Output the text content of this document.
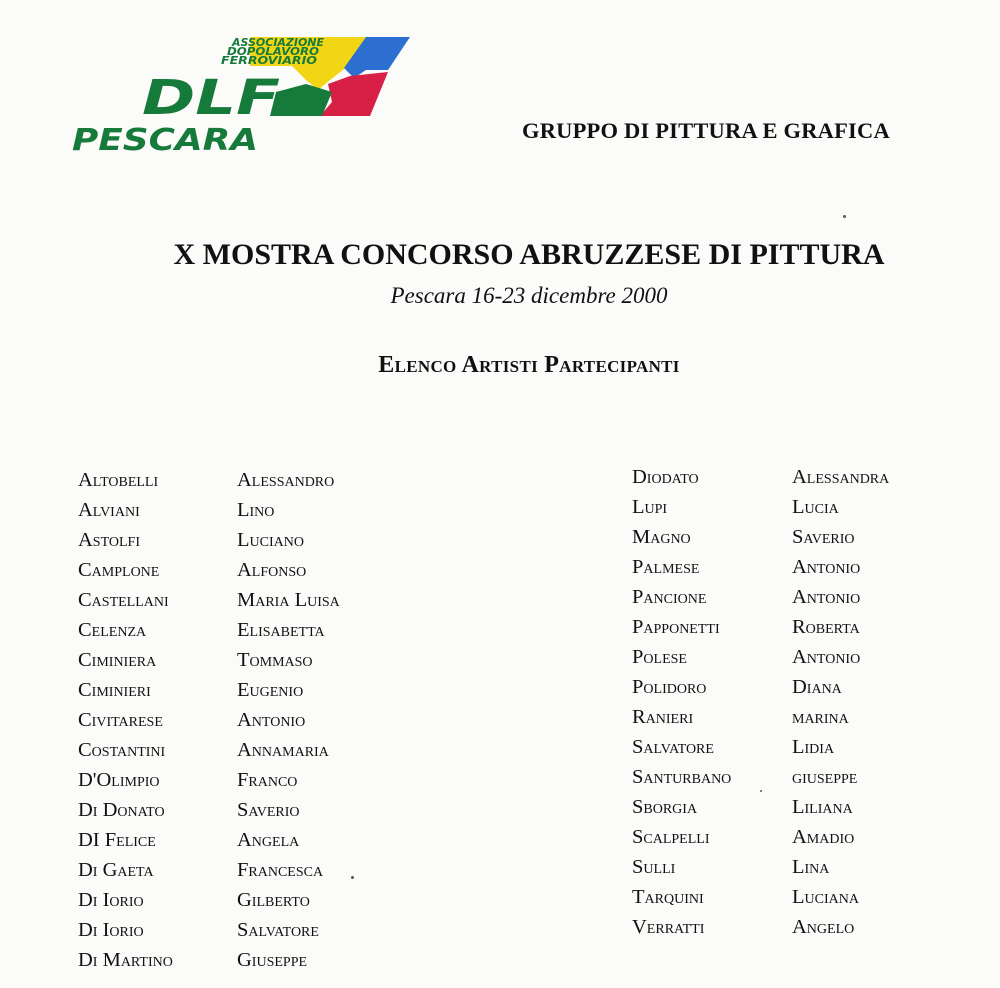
ASSOCIAZIONE
DOPOLAVORO
FERROVIARIO
DLF
PESCARA	GRUPPO DI PITTURA E GRAFICA
X MOSTRA CONCORSO ABRUZZESE DI PITTURA
Pescara 16-23 dicembre 2000
Elenco Artisti Partecipanti
Altobelli
Alviani
Astolfi
Camplone
Castellani
Celenza
Ciminiera
Ciminieri
Civitarese
Costantini
D'Olimpio
Di Donato
DI Felice
Di Gaeta
Di Iorio
Di Iorio
Di Martino
Alessandro
Lino
Luciano
Alfonso
Maria Luisa
Elisabetta
Tommaso
Eugenio
Antonio
Annamaria
Franco
Saverio
Angela
Francesca
Gilberto
Salvatore
Giuseppe
Diodato
Lupi
Magno
Palmese
Pancione
Papponetti
Polese
Polidoro
Ranieri
Salvatore
Santurbano
Sborgia
Scalpelli
Sulli
Tarquini
Verratti
Alessandra
Lucia
Saverio
Antonio
Antonio
Roberta
Antonio
Diana
marina
Lidia
giuseppe
Liliana
Amadio
Lina
Luciana
Angelo
